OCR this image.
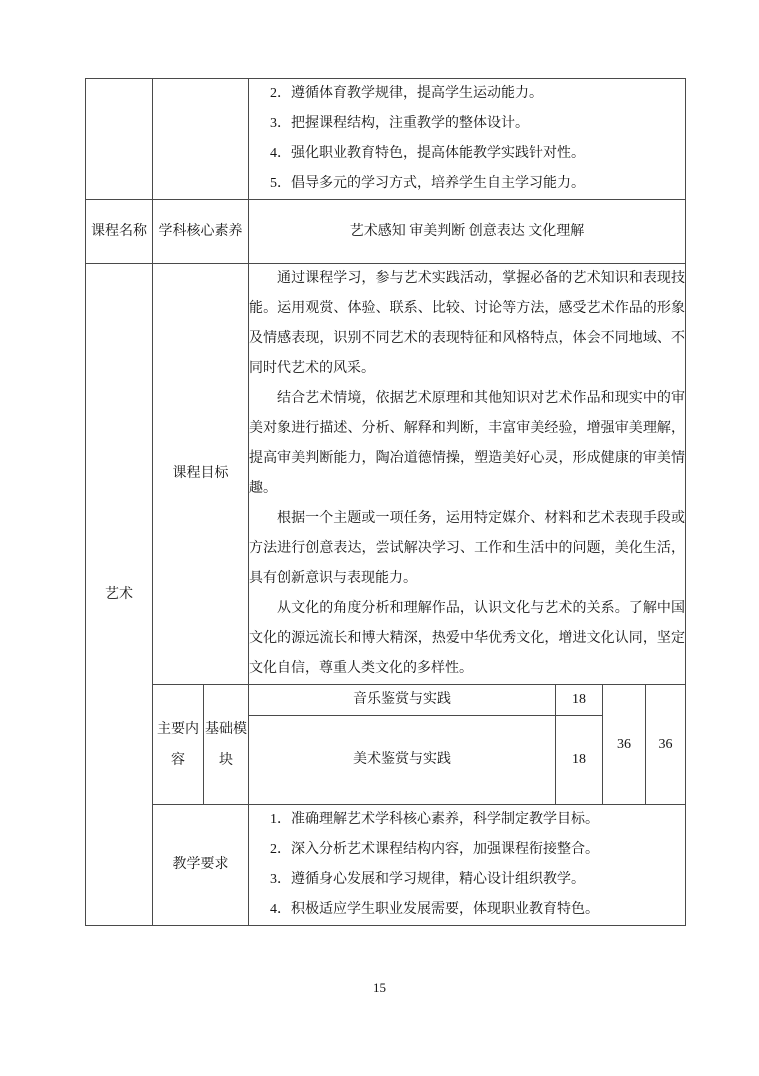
			2．遵循体育教学规律，提高学生运动能力。
3．把握课程结构，注重教学的整体设计。
4．强化职业教育特色，提高体能教学实践针对性。
5．倡导多元的学习方式，培养学生自主学习能力。			

课程名称	学科核心素养		艺术感知 审美判断 创意表达 文化理解			
艺术	课程目标		通过课程学习，参与艺术实践活动，掌握必备的艺术知识和表现技能。运用观赏、体验、联系、比较、讨论等方法，感受艺术作品的形象及情感表现，识别不同艺术的表现特征和风格特点，体会不同地域、不同时代艺术的风采。
结合艺术情境，依据艺术原理和其他知识对艺术作品和现实中的审美对象进行描述、分析、解释和判断，丰富审美经验，增强审美理解，提高审美判断能力，陶冶道德情操，塑造美好心灵，形成健康的审美情趣。
根据一个主题或一项任务，运用特定媒介、材料和艺术表现手段或方法进行创意表达，尝试解决学习、工作和生活中的问题，美化生活，具有创新意识与表现能力。
从文化的角度分析和理解作品，认识文化与艺术的关系。了解中国文化的源远流长和博大精深，热爱中华优秀文化，增进文化认同，坚定文化自信，尊重人类文化的多样性。			

	主要内容	基础模块	音乐鉴赏与实践	18	36	36
			美术鉴赏与实践	18		
	教学要求		1．准确理解艺术学科核心素养，科学制定教学目标。
2．深入分析艺术课程结构内容，加强课程衔接整合。
3．遵循身心发展和学习规律，精心设计组织教学。
4．积极适应学生职业发展需要，体现职业教育特色。			
15
